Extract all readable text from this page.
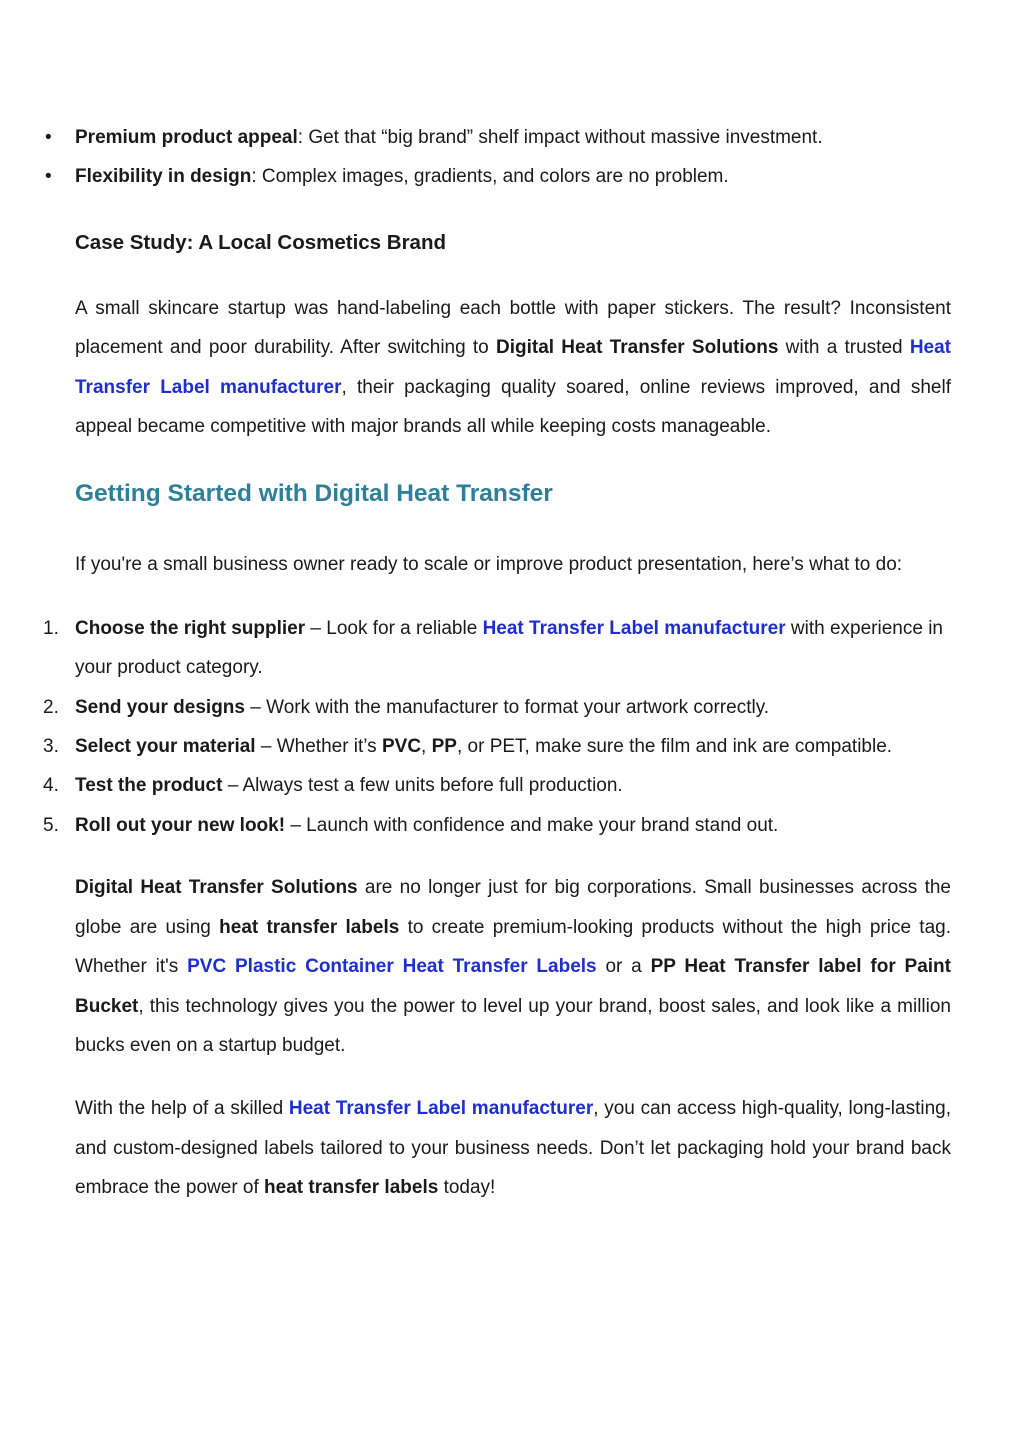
• Premium product appeal: Get that “big brand” shelf impact without massive investment.
• Flexibility in design: Complex images, gradients, and colors are no problem.
Case Study: A Local Cosmetics Brand

A small skincare startup was hand-labeling each bottle with paper stickers. The result? Inconsistent placement and poor durability. After switching to Digital Heat Transfer Solutions with a trusted Heat Transfer Label manufacturer, their packaging quality soared, online reviews improved, and shelf appeal became competitive with major brands all while keeping costs manageable.

Getting Started with Digital Heat Transfer

If you're a small business owner ready to scale or improve product presentation, here’s what to do:

1. Choose the right supplier – Look for a reliable Heat Transfer Label manufacturer with experience in your product category.
2. Send your designs – Work with the manufacturer to format your artwork correctly.
3. Select your material – Whether it’s PVC, PP, or PET, make sure the film and ink are compatible.
4. Test the product – Always test a few units before full production.
5. Roll out your new look! – Launch with confidence and make your brand stand out.

Digital Heat Transfer Solutions are no longer just for big corporations. Small businesses across the globe are using heat transfer labels to create premium-looking products without the high price tag. Whether it's PVC Plastic Container Heat Transfer Labels or a PP Heat Transfer label for Paint Bucket, this technology gives you the power to level up your brand, boost sales, and look like a million bucks even on a startup budget.

With the help of a skilled Heat Transfer Label manufacturer, you can access high-quality, long-lasting, and custom-designed labels tailored to your business needs. Don’t let packaging hold your brand back embrace the power of heat transfer labels today!
